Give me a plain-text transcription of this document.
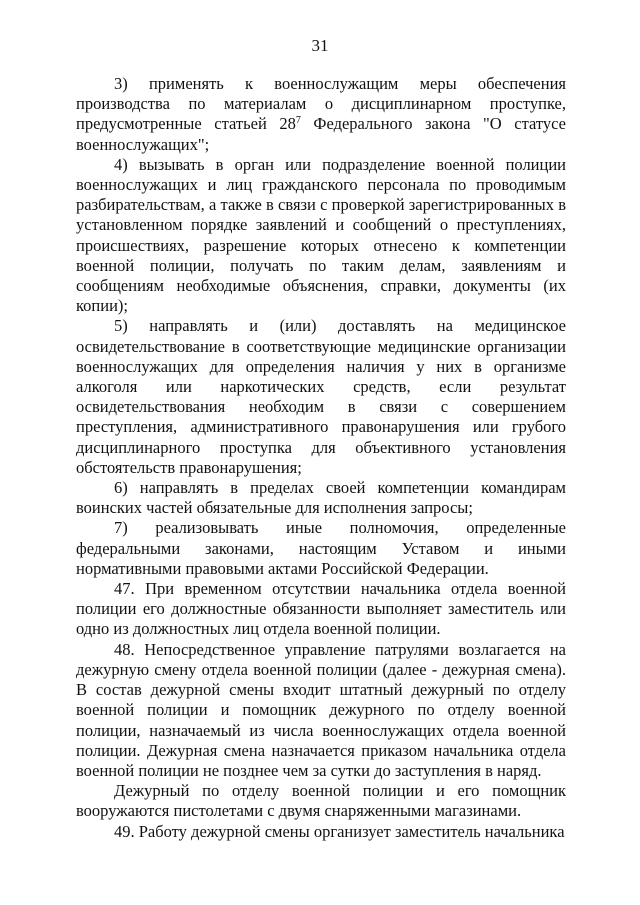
31

3) применять к военнослужащим меры обеспечения производства по материалам о дисциплинарном проступке, предусмотренные статьей $28^7$ Федерального закона "О статусе военнослужащих";

4) вызывать в орган или подразделение военной полиции военнослужащих и лиц гражданского персонала по проводимым разбирательствам, а также в связи с проверкой зарегистрированных в установленном порядке заявлений и сообщений о преступлениях, происшествиях, разрешение которых отнесено к компетенции военной полиции, получать по таким делам, заявлениям и сообщениям необходимые объяснения, справки, документы (их копии);

5) направлять и (или) доставлять на медицинское освидетельствование в соответствующие медицинские организации военнослужащих для определения наличия у них в организме алкоголя или наркотических средств, если результат освидетельствования необходим в связи с совершением преступления, административного правонарушения или грубого дисциплинарного проступка для объективного установления обстоятельств правонарушения;

6) направлять в пределах своей компетенции командирам воинских частей обязательные для исполнения запросы;

7) реализовывать иные полномочия, определенные федеральными законами, настоящим Уставом и иными нормативными правовыми актами Российской Федерации.

47. При временном отсутствии начальника отдела военной полиции его должностные обязанности выполняет заместитель или одно из должностных лиц отдела военной полиции.

48. Непосредственное управление патрулями возлагается на дежурную смену отдела военной полиции (далее - дежурная смена). В состав дежурной смены входит штатный дежурный по отделу военной полиции и помощник дежурного по отделу военной полиции, назначаемый из числа военнослужащих отдела военной полиции. Дежурная смена назначается приказом начальника отдела военной полиции не позднее чем за сутки до заступления в наряд.

Дежурный по отделу военной полиции и его помощник вооружаются пистолетами с двумя снаряженными магазинами.

49. Работу дежурной смены организует заместитель начальника
